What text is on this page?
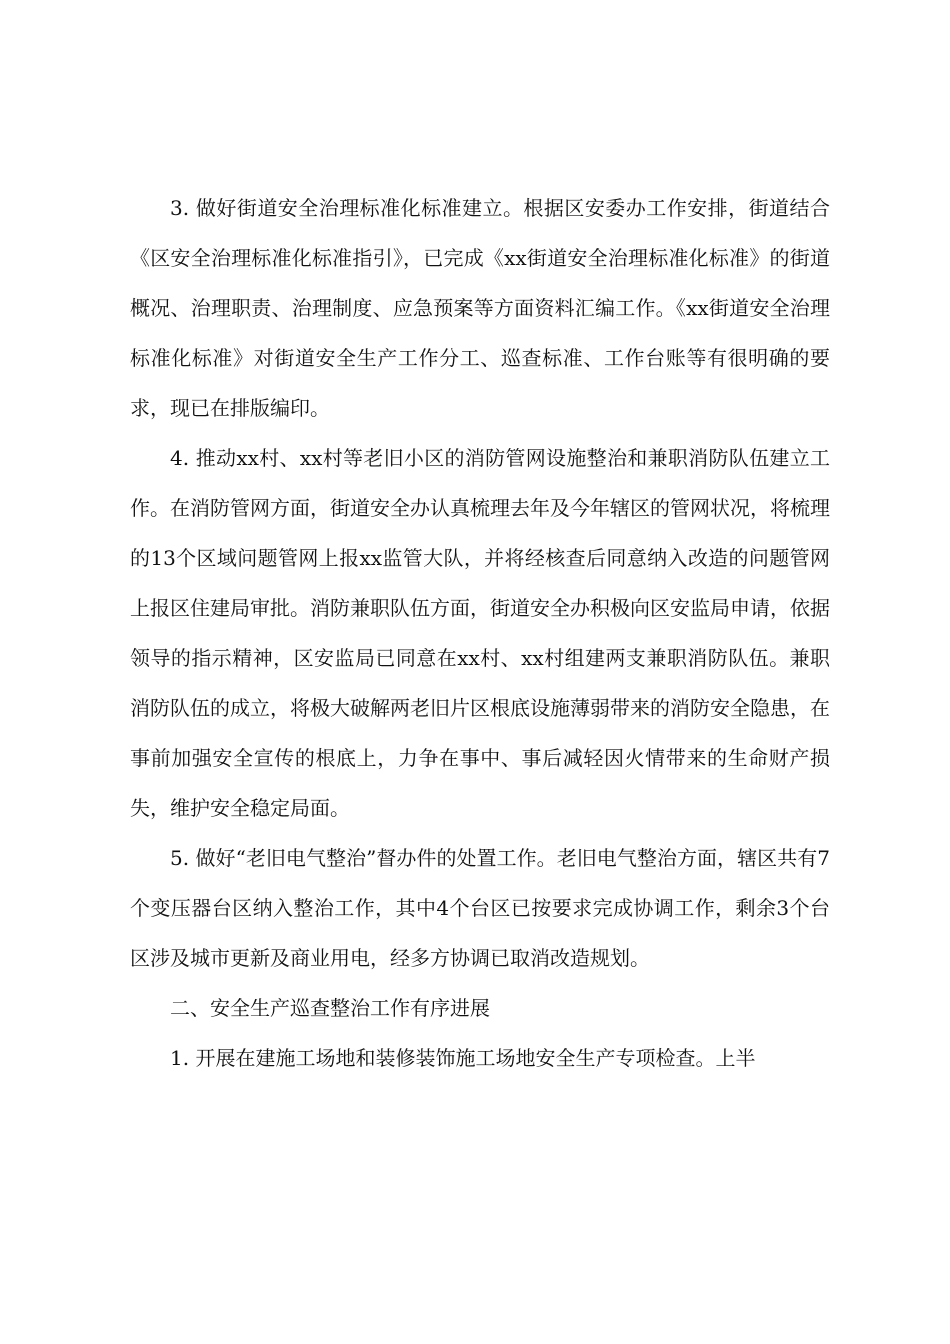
3. 做好街道安全治理标准化标准建立。根据区安委办工作安排，街道结合《区安全治理标准化标准指引》，已完成《xx街道安全治理标准化标准》的街道概况、治理职责、治理制度、应急预案等方面资料汇编工作。《xx街道安全治理标准化标准》对街道安全生产工作分工、巡查标准、工作台账等有很明确的要求，现已在排版编印。

4. 推动xx村、xx村等老旧小区的消防管网设施整治和兼职消防队伍建立工作。在消防管网方面，街道安全办认真梳理去年及今年辖区的管网状况，将梳理的13个区域问题管网上报xx监管大队，并将经核查后同意纳入改造的问题管网上报区住建局审批。消防兼职队伍方面，街道安全办积极向区安监局申请，依据领导的指示精神，区安监局已同意在xx村、xx村组建两支兼职消防队伍。兼职消防队伍的成立，将极大破解两老旧片区根底设施薄弱带来的消防安全隐患，在事前加强安全宣传的根底上，力争在事中、事后减轻因火情带来的生命财产损失，维护安全稳定局面。

5. 做好“老旧电气整治”督办件的处置工作。老旧电气整治方面，辖区共有7个变压器台区纳入整治工作，其中4个台区已按要求完成协调工作，剩余3个台区涉及城市更新及商业用电，经多方协调已取消改造规划。

二、安全生产巡查整治工作有序进展

1. 开展在建施工场地和装修装饰施工场地安全生产专项检查。上半
